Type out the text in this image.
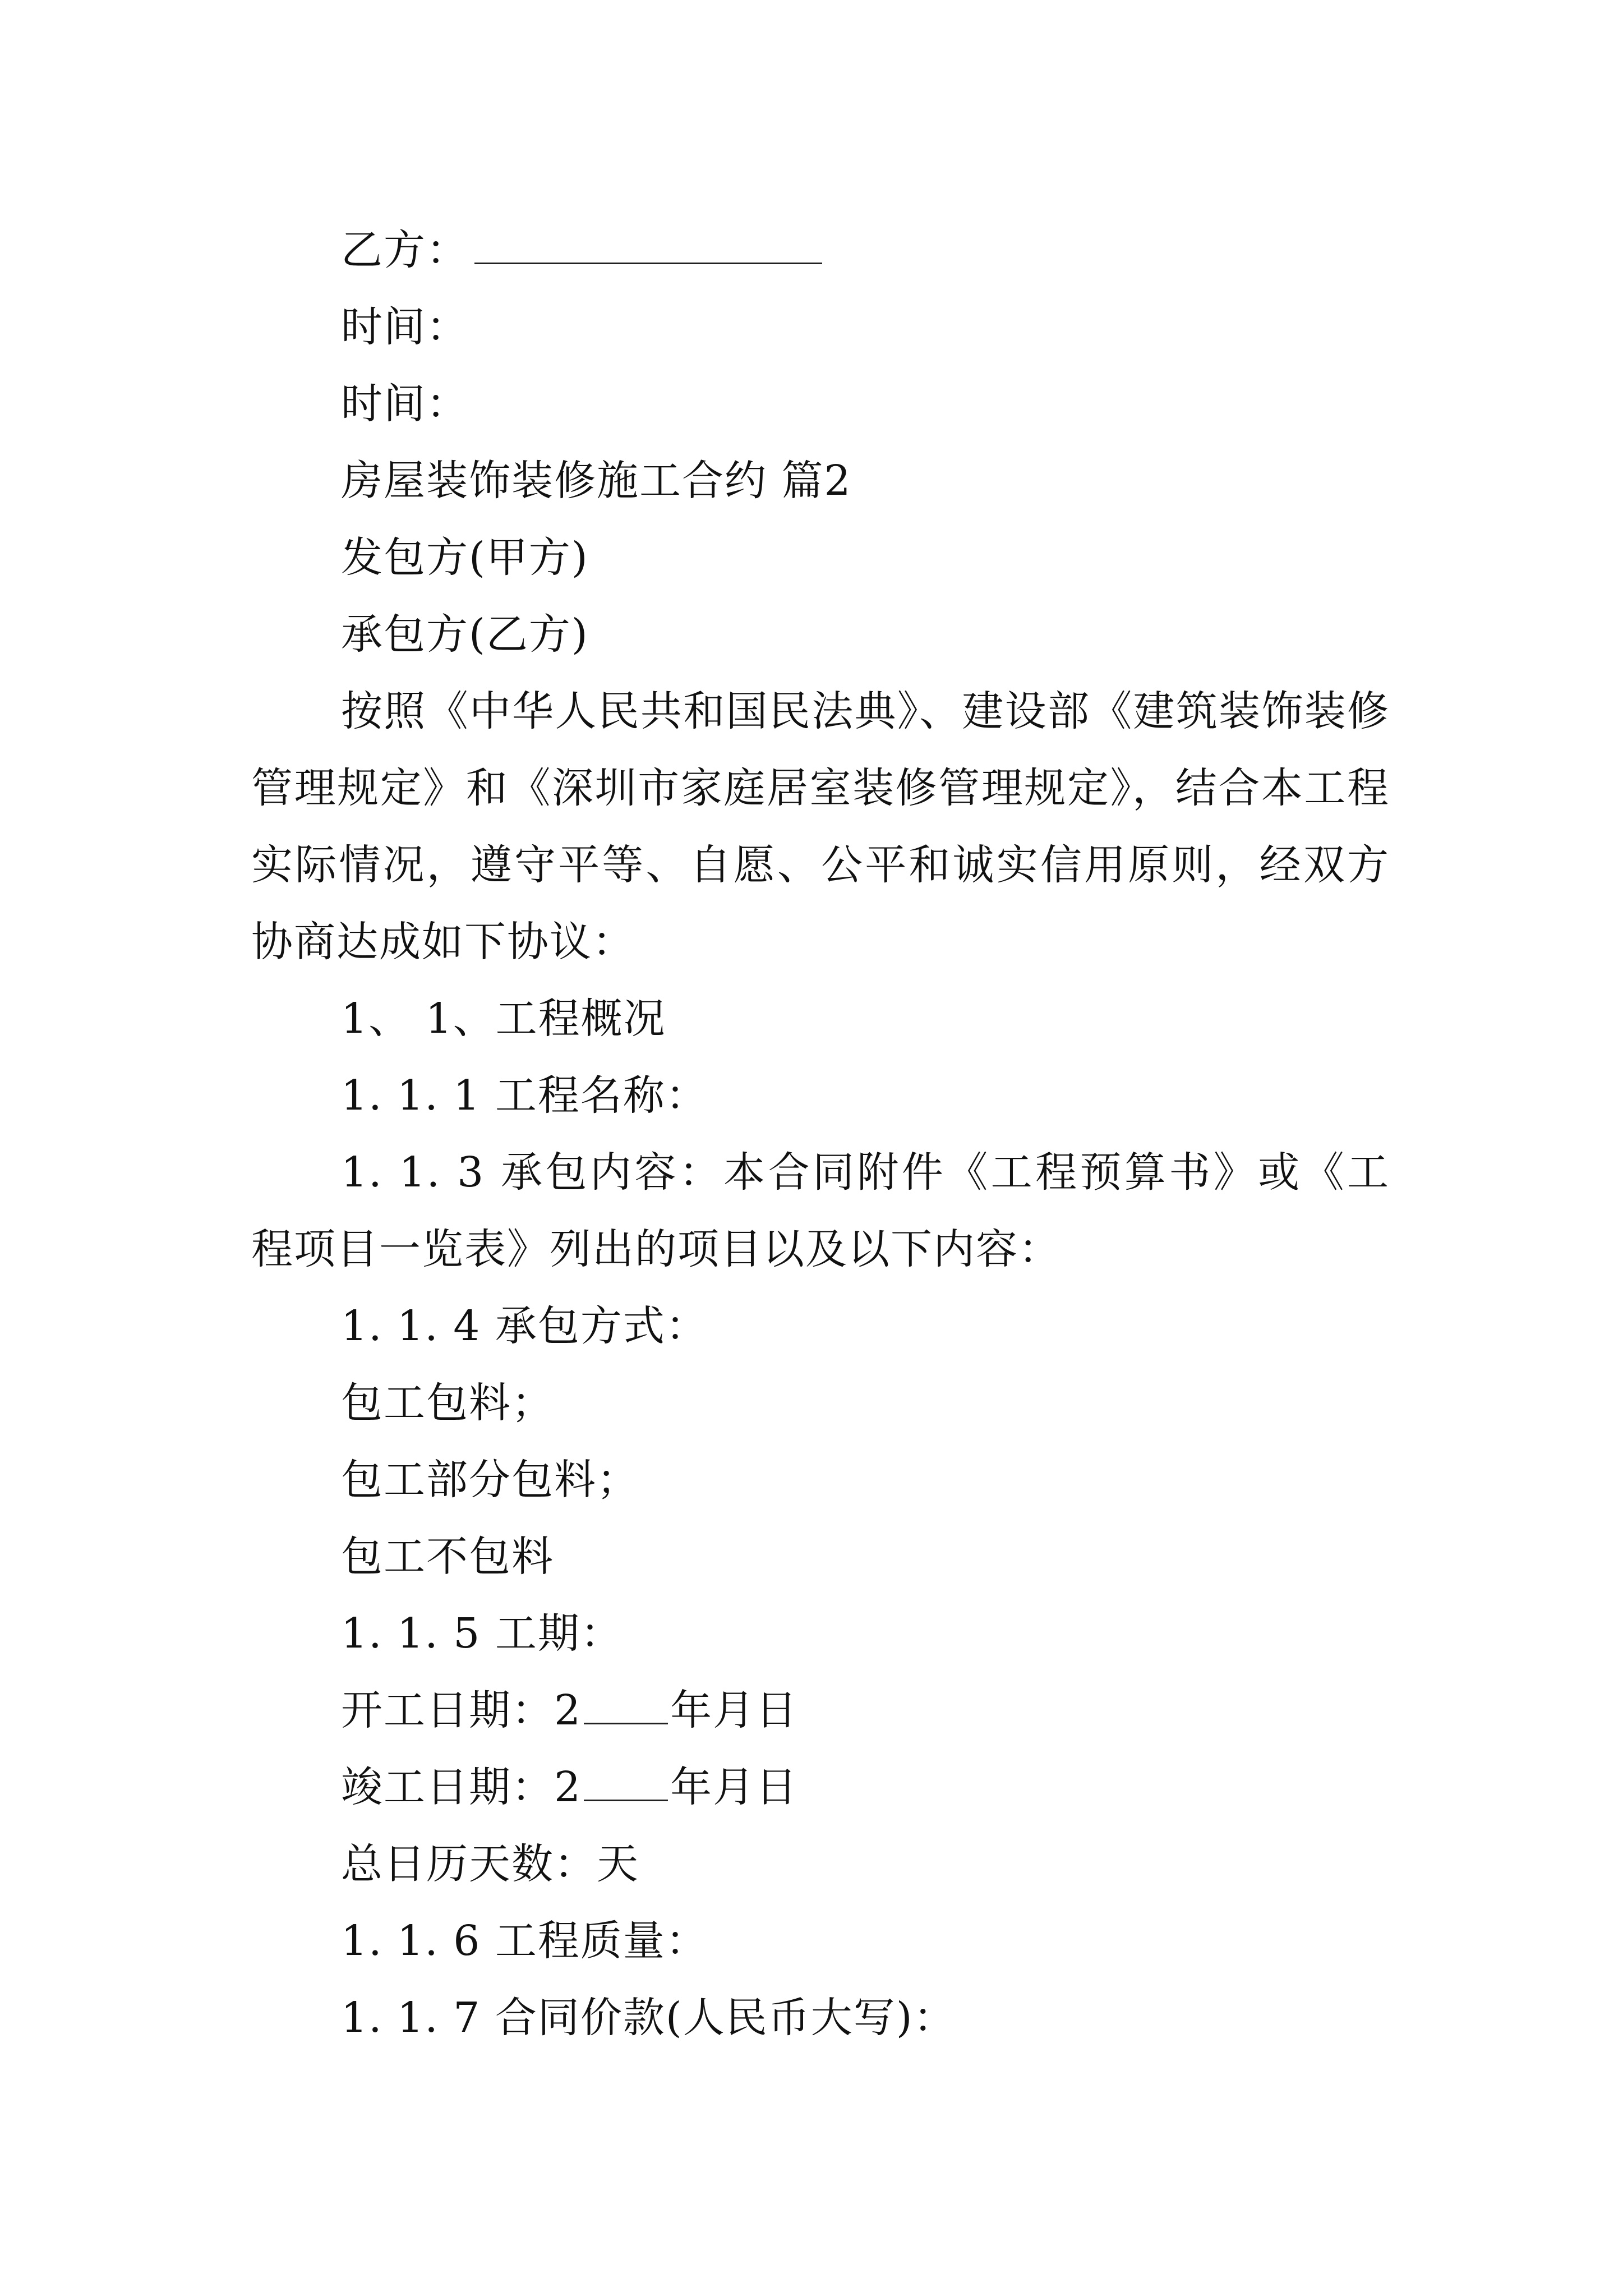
乙方：
时间：
时间：
房屋装饰装修施工合约 篇2
发包方(甲方)
承包方(乙方)

按照《中华人民共和国民法典》、建设部《建筑装饰装修管理规定》和《深圳市家庭居室装修管理规定》，结合本工程实际情况，遵守平等、自愿、公平和诚实信用原则，经双方协商达成如下协议：

1、 1、工程概况
1. 1. 1 工程名称：

1. 1. 3 承包内容：本合同附件《工程预算书》或《工程项目一览表》列出的项目以及以下内容：

1. 1. 4 承包方式：
包工包料；
包工部分包料；
包工不包料
1. 1. 5 工期：
开工日期：2 年月日
竣工日期：2 年月日
总日历天数：天
1. 1. 6 工程质量：
1. 1. 7 合同价款(人民币大写)：
